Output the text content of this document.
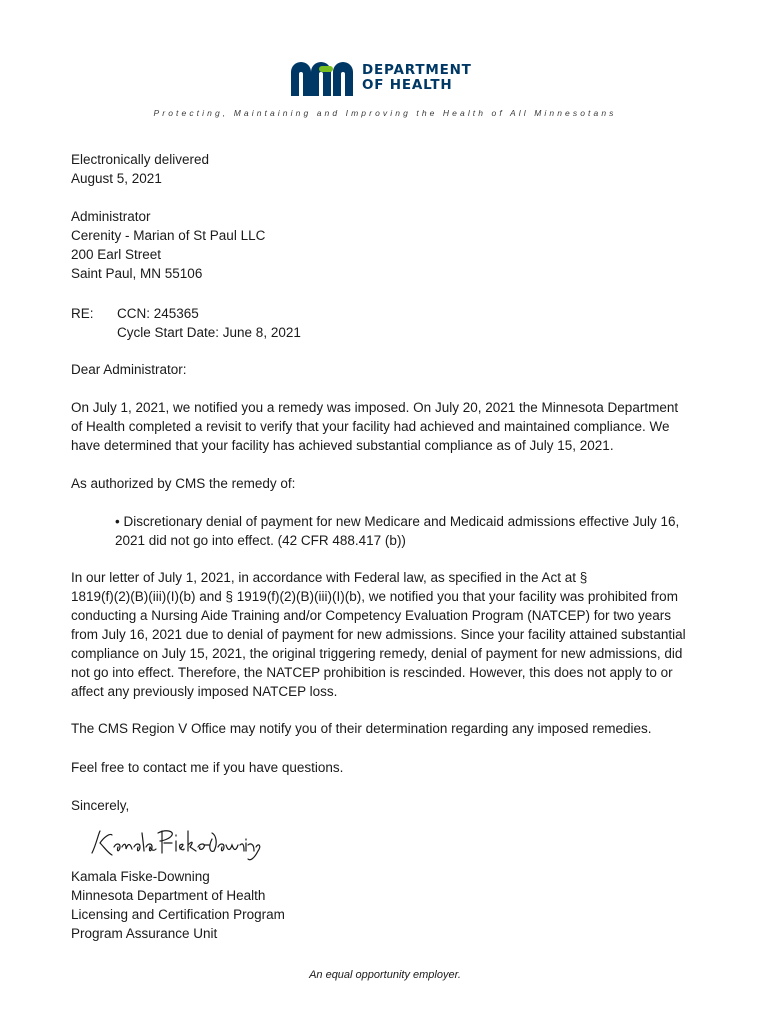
DEPARTMENT
OF HEALTH
Protecting, Maintaining and Improving the Health of All Minnesotans
Electronically delivered
August 5, 2021
Administrator
Cerenity - Marian of St Paul LLC
200 Earl Street
Saint Paul, MN 55106
RE: CCN: 245365
Cycle Start Date: June 8, 2021
Dear Administrator:
On July 1, 2021, we notified you a remedy was imposed. On July 20, 2021 the Minnesota Department
of Health completed a revisit to verify that your facility had achieved and maintained compliance. We
have determined that your facility has achieved substantial compliance as of July 15, 2021.
As authorized by CMS the remedy of:
• Discretionary denial of payment for new Medicare and Medicaid admissions effective July 16,
2021 did not go into effect. (42 CFR 488.417 (b))
In our letter of July 1, 2021, in accordance with Federal law, as specified in the Act at §
1819(f)(2)(B)(iii)(I)(b) and § 1919(f)(2)(B)(iii)(I)(b), we notified you that your facility was prohibited from
conducting a Nursing Aide Training and/or Competency Evaluation Program (NATCEP) for two years
from July 16, 2021 due to denial of payment for new admissions. Since your facility attained substantial
compliance on July 15, 2021, the original triggering remedy, denial of payment for new admissions, did
not go into effect. Therefore, the NATCEP prohibition is rescinded. However, this does not apply to or
affect any previously imposed NATCEP loss.
The CMS Region V Office may notify you of their determination regarding any imposed remedies.
Feel free to contact me if you have questions.
Sincerely,
Kamala Fiske-Downing
Minnesota Department of Health
Licensing and Certification Program
Program Assurance Unit
An equal opportunity employer.
